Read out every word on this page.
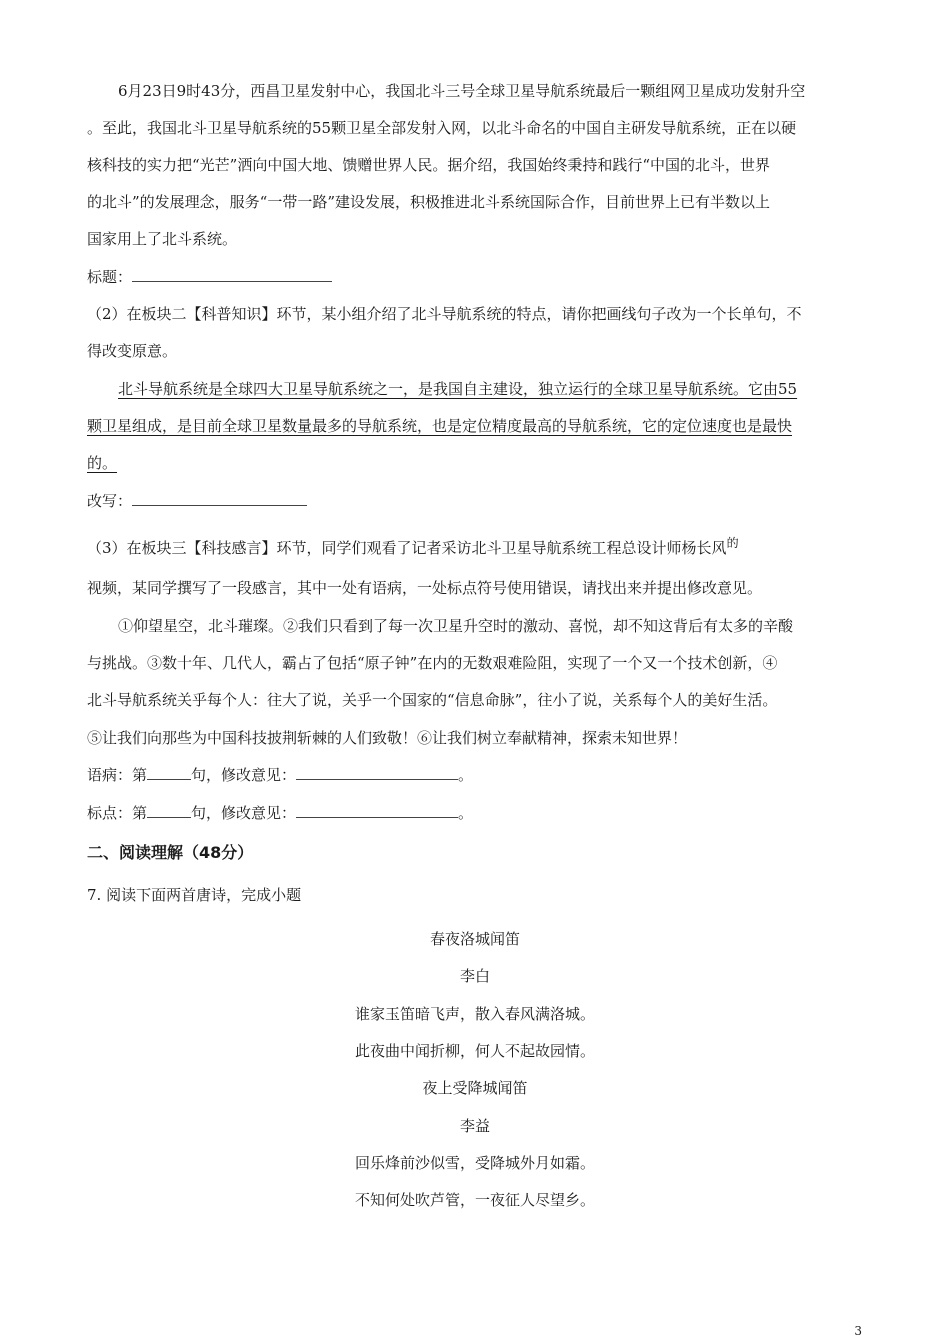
6月23日9时43分，西昌卫星发射中心，我国北斗三号全球卫星导航系统最后一颗组网卫星成功发射升空
。至此，我国北斗卫星导航系统的55颗卫星全部发射入网，以北斗命名的中国自主研发导航系统，正在以硬
核科技的实力把“光芒”洒向中国大地、馈赠世界人民。据介绍，我国始终秉持和践行“中国的北斗，世界
的北斗”的发展理念，服务“一带一路”建设发展，积极推进北斗系统国际合作，目前世界上已有半数以上
国家用上了北斗系统。
标题：
（2）在板块二【科普知识】环节，某小组介绍了北斗导航系统的特点，请你把画线句子改为一个长单句，不
得改变原意。
北斗导航系统是全球四大卫星导航系统之一，是我国自主建设，独立运行的全球卫星导航系统。它由55
颗卫星组成，是目前全球卫星数量最多的导航系统，也是定位精度最高的导航系统，它的定位速度也是最快
的。
改写：
（3）在板块三【科技感言】环节，同学们观看了记者采访北斗卫星导航系统工程总设计师杨长风$^的$
视频，某同学撰写了一段感言，其中一处有语病，一处标点符号使用错误，请找出来并提出修改意见。
①仰望星空，北斗璀璨。②我们只看到了每一次卫星升空时的激动、喜悦，却不知这背后有太多的辛酸
与挑战。③数十年、几代人，霸占了包括“原子钟”在内的无数艰难险阻，实现了一个又一个技术创新，④
北斗导航系统关乎每个人：往大了说，关乎一个国家的“信息命脉”，往小了说，关系每个人的美好生活。
⑤让我们向那些为中国科技披荆斩棘的人们致敬！⑥让我们树立奉献精神，探索未知世界！
语病：第	句，修改意见：	。
标点：第	句，修改意见：	。
二、阅读理解（48分）
7. 阅读下面两首唐诗，完成小题
春夜洛城闻笛
李白
谁家玉笛暗飞声，散入春风满洛城。
此夜曲中闻折柳，何人不起故园情。
夜上受降城闻笛
李益
回乐烽前沙似雪，受降城外月如霜。
不知何处吹芦管，一夜征人尽望乡。
3
